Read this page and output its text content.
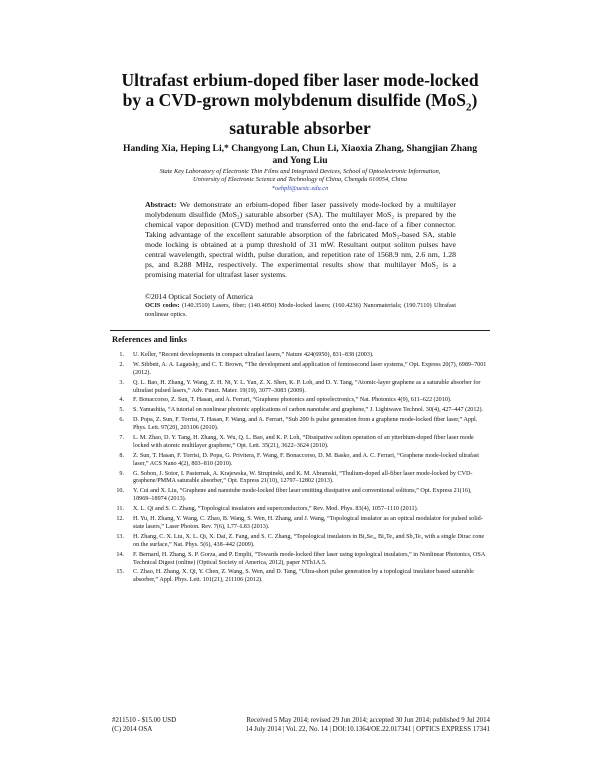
Ultrafast erbium-doped fiber laser mode-locked
by a CVD-grown molybdenum disulfide (MoS$_2$)
saturable absorber
Handing Xia, Heping Li,* Changyong Lan, Chun Li, Xiaoxia Zhang, Shangjian Zhang
and Yong Liu
State Key Laboratory of Electronic Thin Films and Integrated Devices, School of Optoelectronic Information,
University of Electronic Science and Technology of China, Chengdu 610054, China
*oehpli@uestc.edu.cn
Abstract: We demonstrate an erbium-doped fiber laser passively mode-locked by a multilayer molybdenum disulfide (MoS₂) saturable absorber (SA). The multilayer MoS₂ is prepared by the chemical vapor deposition (CVD) method and transferred onto the end-face of a fiber connector. Taking advantage of the excellent saturable absorption of the fabricated MoS₂-based SA, stable mode locking is obtained at a pump threshold of 31 mW. Resultant output soliton pulses have central wavelength, spectral width, pulse duration, and repetition rate of 1568.9 nm, 2.6 nm, 1.28 ps, and 8.288 MHz, respectively. The experimental results show that multilayer MoS₂ is a promising material for ultrafast laser systems.
©2014 Optical Society of America
OCIS codes: (140.3510) Lasers, fiber; (140.4050) Mode-locked lasers; (160.4236) Nanomaterials; (190.7110) Ultrafast nonlinear optics.
References and links
1. U. Keller, “Recent developments in compact ultrafast lasers,” Nature 424(6950), 831–838 (2003).
2. W. Sibbett, A. A. Lagatsky, and C. T. Brown, “The development and application of femtosecond laser systems,” Opt. Express 20(7), 6989–7001 (2012).
3. Q. L. Bao, H. Zhang, Y. Wang, Z. H. Ni, Y. L. Yan, Z. X. Shen, K. P. Loh, and D. Y. Tang, “Atomic-layer graphene as a saturable absorber for ultrafast pulsed lasers,” Adv. Funct. Mater. 19(19), 3077–3083 (2009).
4. F. Bonaccorso, Z. Sun, T. Hasan, and A. Ferrari, “Graphene photonics and optoelectronics,” Nat. Photonics 4(9), 611–622 (2010).
5. S. Yamashita, “A tutorial on nonlinear photonic applications of carbon nanotube and graphene,” J. Lightwave Technol. 30(4), 427–447 (2012).
6. D. Popa, Z. Sun, F. Torrisi, T. Hasan, F. Wang, and A. Ferrari, “Sub 200 fs pulse generation from a graphene mode-locked fiber laser,” Appl. Phys. Lett. 97(20), 203106 (2010).
7. L. M. Zhao, D. Y. Tang, H. Zhang, X. Wu, Q. L. Bao, and K. P. Loh, “Dissipative soliton operation of an ytterbium-doped fiber laser mode locked with atomic multilayer graphene,” Opt. Lett. 35(21), 3622–3624 (2010).
8. Z. Sun, T. Hasan, F. Torrisi, D. Popa, G. Privitera, F. Wang, F. Bonaccorso, D. M. Basko, and A. C. Ferrari, “Graphene mode-locked ultrafast laser,” ACS Nano 4(2), 803–810 (2010).
9. G. Sobon, J. Sotor, I. Pasternak, A. Krajewska, W. Strupinski, and K. M. Abramski, “Thulium-doped all-fiber laser mode-locked by CVD-graphene/PMMA saturable absorber,” Opt. Express 21(10), 12797–12802 (2013).
10. Y. Cui and X. Liu, “Graphene and nanotube mode-locked fiber laser emitting dissipative and conventional solitons,” Opt. Express 21(16), 18969–18974 (2013).
11. X. L. Qi and S. C. Zhang, “Topological insulators and superconductors,” Rev. Mod. Phys. 83(4), 1057–1110 (2011).
12. H. Yu, H. Zhang, Y. Wang, C. Zhao, B. Wang, S. Wen, H. Zhang, and J. Wang, “Topological insulator as an optical modulator for pulsed solid-state lasers,” Laser Photon. Rev. 7(6), L77–L83 (2013).
13. H. Zhang, C. X. Liu, X. L. Qi, X. Dai, Z. Fang, and S. C. Zhang, “Topological insulators in Bi₂Se₃, Bi₂Te₃ and Sb₂Te₃ with a single Dirac cone on the surface,” Nat. Phys. 5(6), 438–442 (2009).
14. F. Bernard, H. Zhang, S. P. Gorza, and P. Emplit, “Towards mode-locked fiber laser using topological insulators,” in Nonlinear Photonics, OSA Technical Digest (online) (Optical Society of America, 2012), paper NTh1A.5.
15. C. Zhao, H. Zhang, X. Qi, Y. Chen, Z. Wang, S. Wen, and D. Tang, “Ultra-short pulse generation by a topological insulator based saturable absorber,” Appl. Phys. Lett. 101(21), 211106 (2012).
#211510 - $15.00 USD	Received 5 May 2014; revised 29 Jun 2014; accepted 30 Jun 2014; published 9 Jul 2014
(C) 2014 OSA	14 July 2014 | Vol. 22, No. 14 | DOI:10.1364/OE.22.017341 | OPTICS EXPRESS 17341
